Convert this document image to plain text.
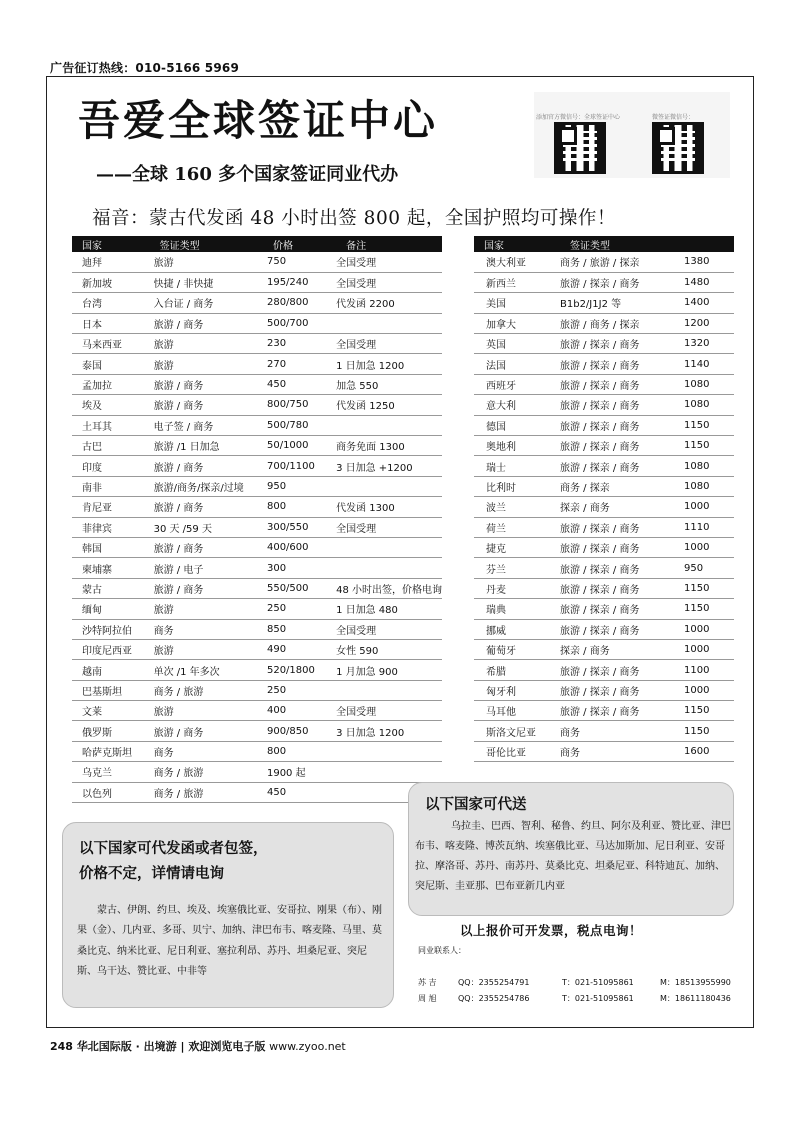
广告征订热线：010-5166 5969
吾爱全球签证中心
——全球 160 多个国家签证同业代办
福音：蒙古代发函 48 小时出签 800 起，全国护照均可操作！
添加官方微信号：全球签证中心	微签证微信号：
国家	签证类型	价格	备注
迪拜	旅游	750	全国受理
新加坡	快捷 / 非快捷	195/240	全国受理
台湾	入台证 / 商务	280/800	代发函 2200
日本	旅游 / 商务	500/700	
马来西亚	旅游	230	全国受理
泰国	旅游	270	1 日加急 1200
孟加拉	旅游 / 商务	450	加急 550
埃及	旅游 / 商务	800/750	代发函 1250
土耳其	电子签 / 商务	500/780	
古巴	旅游 /1 日加急	50/1000	商务免面 1300
印度	旅游 / 商务	700/1100	3 日加急 +1200
南非	旅游/商务/探亲/过境	950	
肯尼亚	旅游 / 商务	800	代发函 1300
菲律宾	30 天 /59 天	300/550	全国受理
韩国	旅游 / 商务	400/600	
柬埔寨	旅游 / 电子	300	
蒙古	旅游 / 商务	550/500	48 小时出签，价格电询
缅甸	旅游	250	1 日加急 480
沙特阿拉伯	商务	850	全国受理
印度尼西亚	旅游	490	女性 590
越南	单次 /1 年多次	520/1800	1 月加急 900
巴基斯坦	商务 / 旅游	250	
文莱	旅游	400	全国受理
俄罗斯	旅游 / 商务	900/850	3 日加急 1200
哈萨克斯坦	商务	800	
乌克兰	商务 / 旅游	1900 起	
以色列	商务 / 旅游	450	
国家	签证类型	
澳大利亚	商务 / 旅游 / 探亲	1380
新西兰	旅游 / 探亲 / 商务	1480
美国	B1b2/J1J2 等	1400
加拿大	旅游 / 商务 / 探亲	1200
英国	旅游 / 探亲 / 商务	1320
法国	旅游 / 探亲 / 商务	1140
西班牙	旅游 / 探亲 / 商务	1080
意大利	旅游 / 探亲 / 商务	1080
德国	旅游 / 探亲 / 商务	1150
奥地利	旅游 / 探亲 / 商务	1150
瑞士	旅游 / 探亲 / 商务	1080
比利时	商务 / 探亲	1080
波兰	探亲 / 商务	1000
荷兰	旅游 / 探亲 / 商务	1110
捷克	旅游 / 探亲 / 商务	1000
芬兰	旅游 / 探亲 / 商务	950
丹麦	旅游 / 探亲 / 商务	1150
瑞典	旅游 / 探亲 / 商务	1150
挪威	旅游 / 探亲 / 商务	1000
葡萄牙	探亲 / 商务	1000
希腊	旅游 / 探亲 / 商务	1100
匈牙利	旅游 / 探亲 / 商务	1000
马耳他	旅游 / 探亲 / 商务	1150
斯洛文尼亚	商务	1150
哥伦比亚	商务	1600
以下国家可代送
乌拉圭、巴西、智利、秘鲁、约旦、阿尔及利亚、赞比亚、津巴布韦、喀麦隆、博茨瓦纳、埃塞俄比亚、马达加斯加、尼日利亚、安哥拉、摩洛哥、苏丹、南苏丹、莫桑比克、坦桑尼亚、科特迪瓦、加纳、突尼斯、圭亚那、巴布亚新几内亚
以下国家可代发函或者包签，
价格不定，详情请电询
蒙古、伊朗、约旦、埃及、埃塞俄比亚、安哥拉、刚果（布）、刚果（金）、几内亚、多哥、贝宁、加纳、津巴布韦、喀麦隆、马里、莫桑比克、纳米比亚、尼日利亚、塞拉利昂、苏丹、坦桑尼亚、突尼斯、乌干达、赞比亚、中非等
以上报价可开发票，税点电询！
同业联系人：
苏 吉	QQ：2355254791	T：021-51095861	M：18513955990
周 旭	QQ：2355254786	T：021-51095861	M：18611180436
248 华北国际版 · 出境游 | 欢迎浏览电子版 www.zyoo.net
